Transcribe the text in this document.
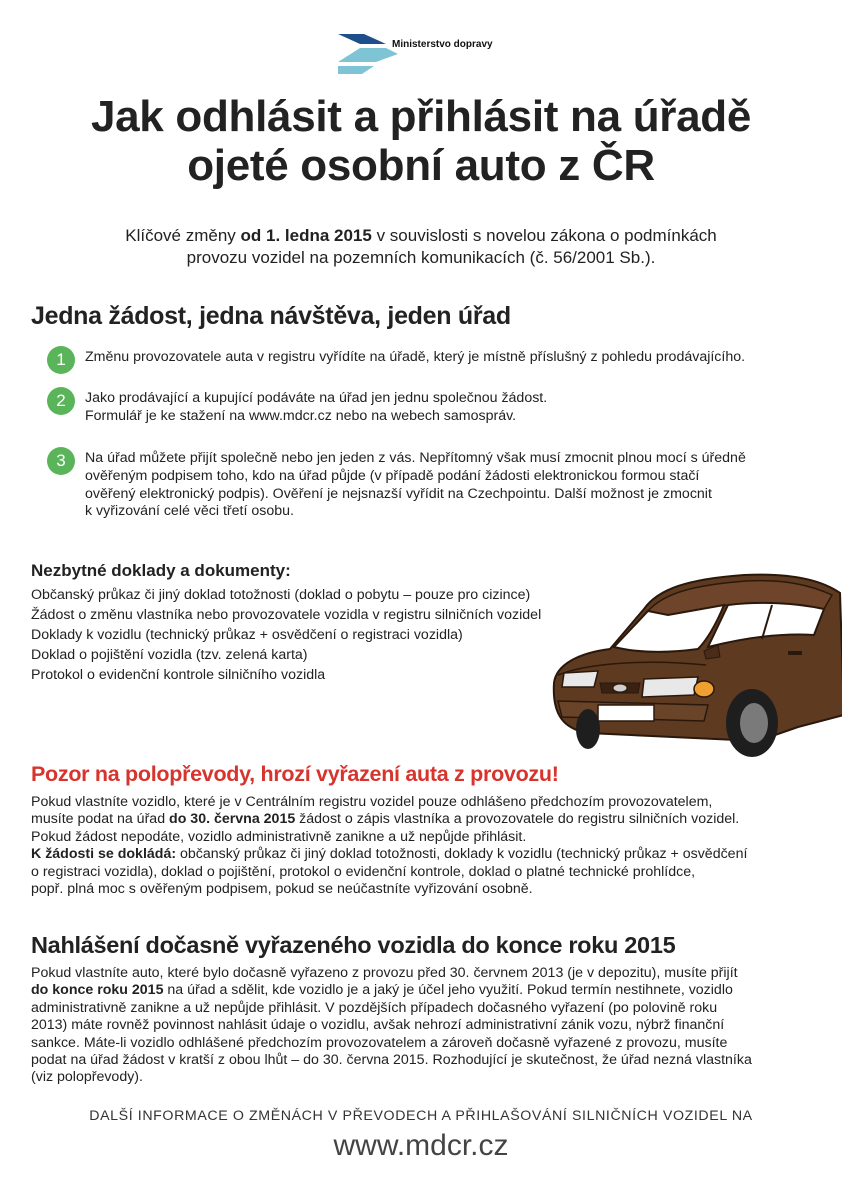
Ministerstvo dopravy
Jak odhlásit a přihlásit na úřadě
ojeté osobní auto z ČR
Klíčové změny od 1. ledna 2015 v souvislosti s novelou zákona o podmínkách
provozu vozidel na pozemních komunikacích (č. 56/2001 Sb.).
Jedna žádost, jedna návštěva, jeden úřad
1	Změnu provozovatele auta v registru vyřídíte na úřadě, který je místně příslušný z pohledu prodávajícího.
2	Jako prodávající a kupující podáváte na úřad jen jednu společnou žádost.
Formulář je ke stažení na www.mdcr.cz nebo na webech samospráv.
3	Na úřad můžete přijít společně nebo jen jeden z vás. Nepřítomný však musí zmocnit plnou mocí s úředně
ověřeným podpisem toho, kdo na úřad půjde (v případě podání žádosti elektronickou formou stačí
ověřený elektronický podpis). Ověření je nejsnazší vyřídit na Czechpointu. Další možnost je zmocnit
k vyřizování celé věci třetí osobu.
Nezbytné doklady a dokumenty:
Občanský průkaz či jiný doklad totožnosti (doklad o pobytu – pouze pro cizince)
Žádost o změnu vlastníka nebo provozovatele vozidla v registru silničních vozidel
Doklady k vozidlu (technický průkaz + osvědčení o registraci vozidla)
Doklad o pojištění vozidla (tzv. zelená karta)
Protokol o evidenční kontrole silničního vozidla
Pozor na polopřevody, hrozí vyřazení auta z provozu!
Pokud vlastníte vozidlo, které je v Centrálním registru vozidel pouze odhlášeno předchozím provozovatelem,
musíte podat na úřad do 30. června 2015 žádost o zápis vlastníka a provozovatele do registru silničních vozidel.
Pokud žádost nepodáte, vozidlo administrativně zanikne a už nepůjde přihlásit.
K žádosti se dokládá: občanský průkaz či jiný doklad totožnosti, doklady k vozidlu (technický průkaz + osvědčení
o registraci vozidla), doklad o pojištění, protokol o evidenční kontrole, doklad o platné technické prohlídce,
popř. plná moc s ověřeným podpisem, pokud se neúčastníte vyřizování osobně.
Nahlášení dočasně vyřazeného vozidla do konce roku 2015
Pokud vlastníte auto, které bylo dočasně vyřazeno z provozu před 30. červnem 2013 (je v depozitu), musíte přijít
do konce roku 2015 na úřad a sdělit, kde vozidlo je a jaký je účel jeho využití. Pokud termín nestihnete, vozidlo
administrativně zanikne a už nepůjde přihlásit. V pozdějších případech dočasného vyřazení (po polovině roku
2013) máte rovněž povinnost nahlásit údaje o vozidlu, avšak nehrozí administrativní zánik vozu, nýbrž finanční
sankce. Máte-li vozidlo odhlášené předchozím provozovatelem a zároveň dočasně vyřazené z provozu, musíte
podat na úřad žádost v kratší z obou lhůt – do 30. června 2015. Rozhodující je skutečnost, že úřad nezná vlastníka
(viz polopřevody).
DALŠÍ INFORMACE O ZMĚNÁCH V PŘEVODECH A PŘIHLAŠOVÁNÍ SILNIČNÍCH VOZIDEL NA
www.mdcr.cz
